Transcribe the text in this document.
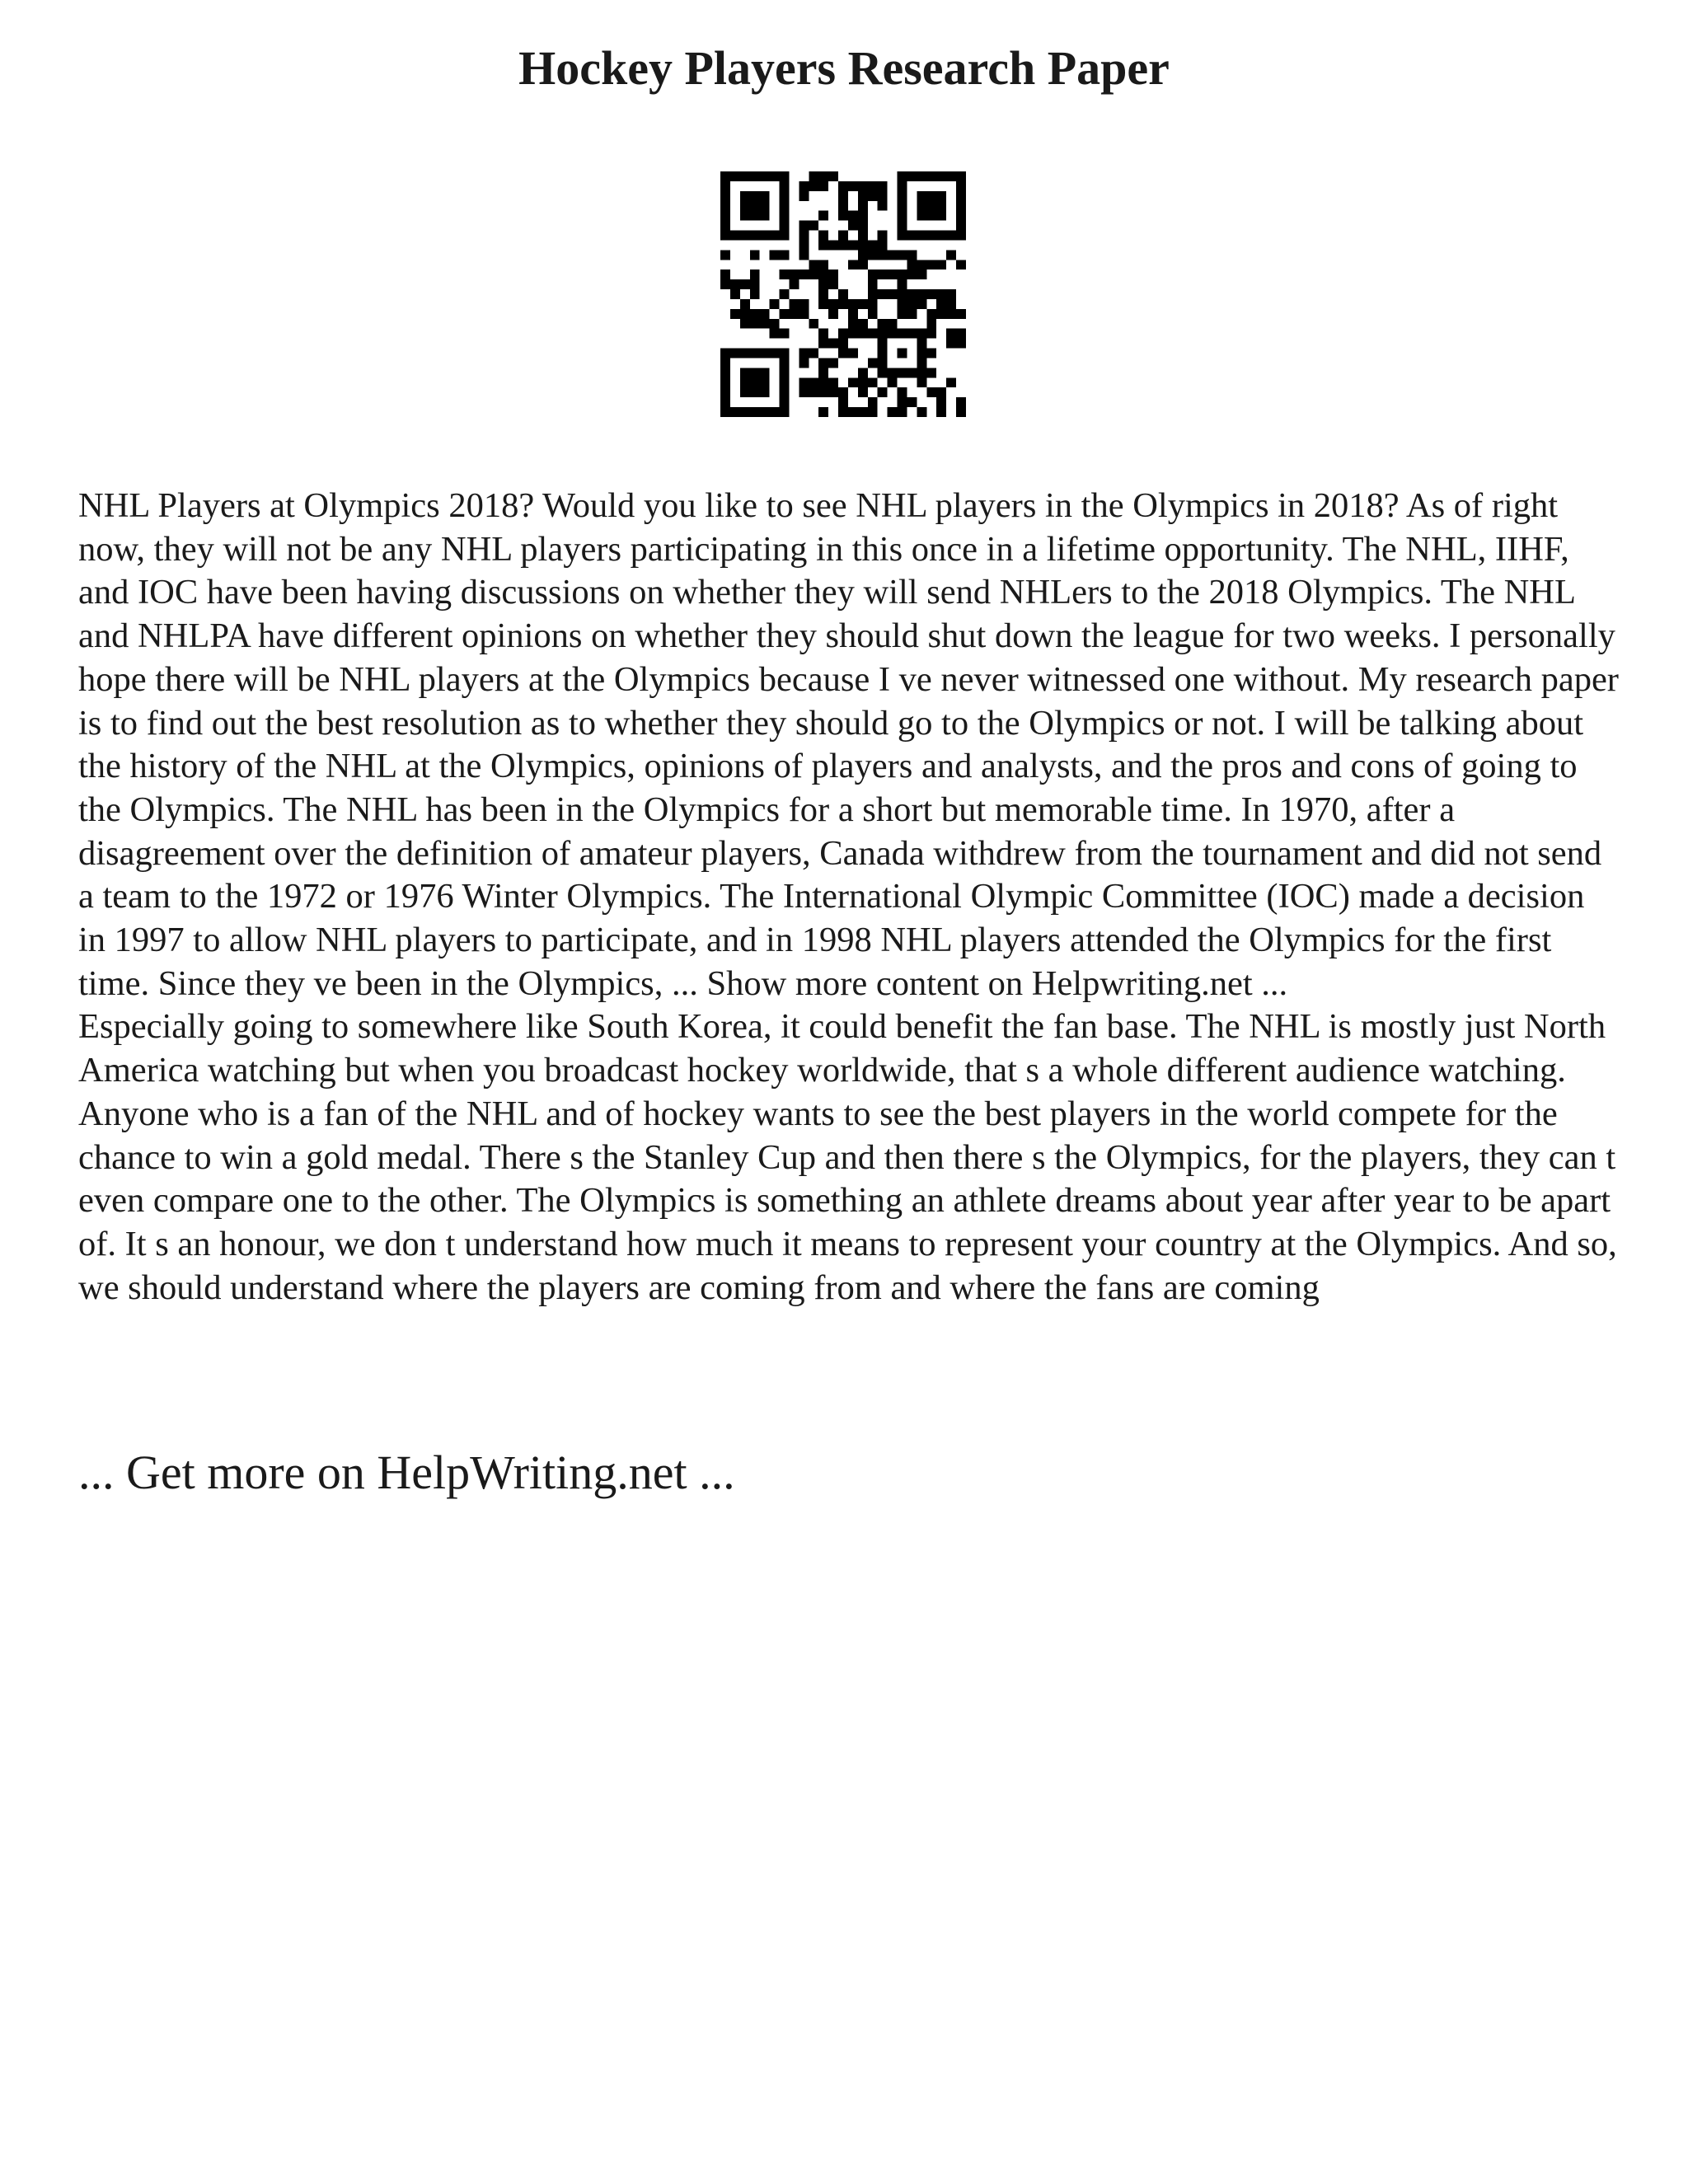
Hockey Players Research Paper

NHL Players at Olympics 2018? Would you like to see NHL players in the Olympics in 2018? As of right now, they will not be any NHL players participating in this once in a lifetime opportunity. The NHL, IIHF, and IOC have been having discussions on whether they will send NHLers to the 2018 Olympics. The NHL and NHLPA have different opinions on whether they should shut down the league for two weeks. I personally hope there will be NHL players at the Olympics because I ve never witnessed one without. My research paper is to find out the best resolution as to whether they should go to the Olympics or not. I will be talking about the history of the NHL at the Olympics, opinions of players and analysts, and the pros and cons of going to the Olympics. The NHL has been in the Olympics for a short but memorable time. In 1970, after a disagreement over the definition of amateur players, Canada withdrew from the tournament and did not send a team to the 1972 or 1976 Winter Olympics. The International Olympic Committee (IOC) made a decision in 1997 to allow NHL players to participate, and in 1998 NHL players attended the Olympics for the first time. Since they ve been in the Olympics, ... Show more content on Helpwriting.net ...

Especially going to somewhere like South Korea, it could benefit the fan base. The NHL is mostly just North America watching but when you broadcast hockey worldwide, that s a whole different audience watching. Anyone who is a fan of the NHL and of hockey wants to see the best players in the world compete for the chance to win a gold medal. There s the Stanley Cup and then there s the Olympics, for the players, they can t even compare one to the other. The Olympics is something an athlete dreams about year after year to be apart of. It s an honour, we don t understand how much it means to represent your country at the Olympics. And so, we should understand where the players are coming from and where the fans are coming

... Get more on HelpWriting.net ...
